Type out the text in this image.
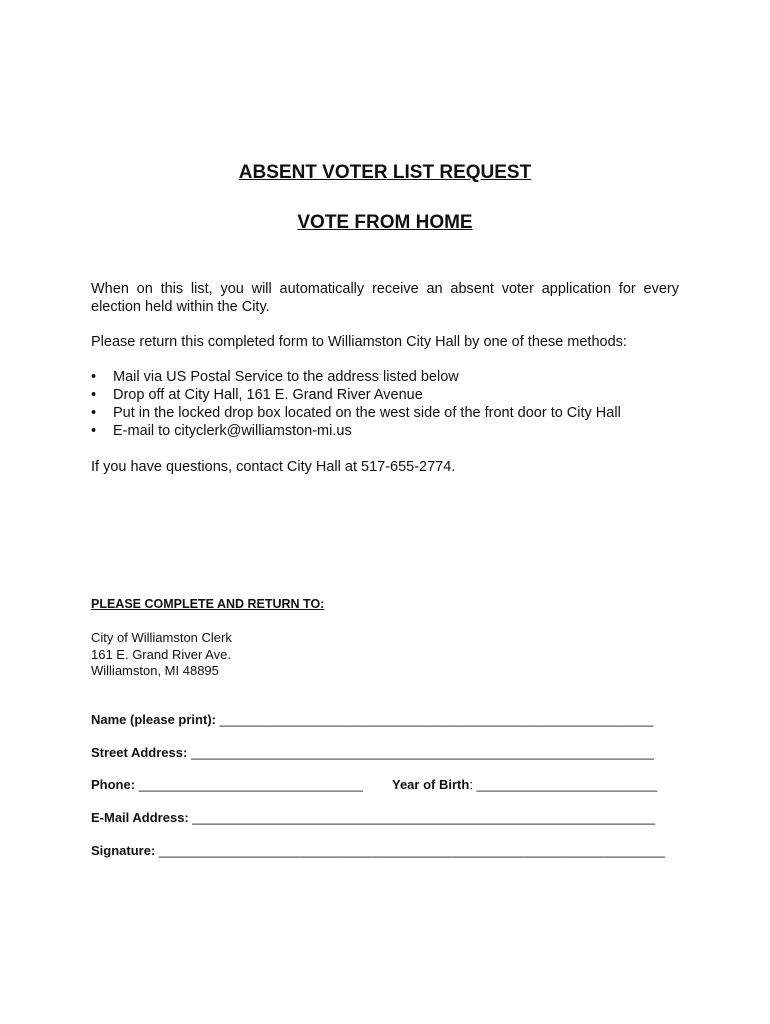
ABSENT VOTER LIST REQUEST
VOTE FROM HOME
When on this list, you will automatically receive an absent voter application for every election held within the City.
Please return this completed form to Williamston City Hall by one of these methods:
• Mail via US Postal Service to the address listed below
• Drop off at City Hall, 161 E. Grand River Avenue
• Put in the locked drop box located on the west side of the front door to City Hall
• E-mail to cityclerk@williamston-mi.us
If you have questions, contact City Hall at 517-655-2774.
PLEASE COMPLETE AND RETURN TO:
City of Williamston Clerk
161 E. Grand River Ave.
Williamston, MI 48895
Name (please print): ____________________________________________________________
Street Address: ________________________________________________________________
Phone: _______________________________ Year of Birth: _________________________
E-Mail Address: ________________________________________________________________
Signature: ______________________________________________________________________
